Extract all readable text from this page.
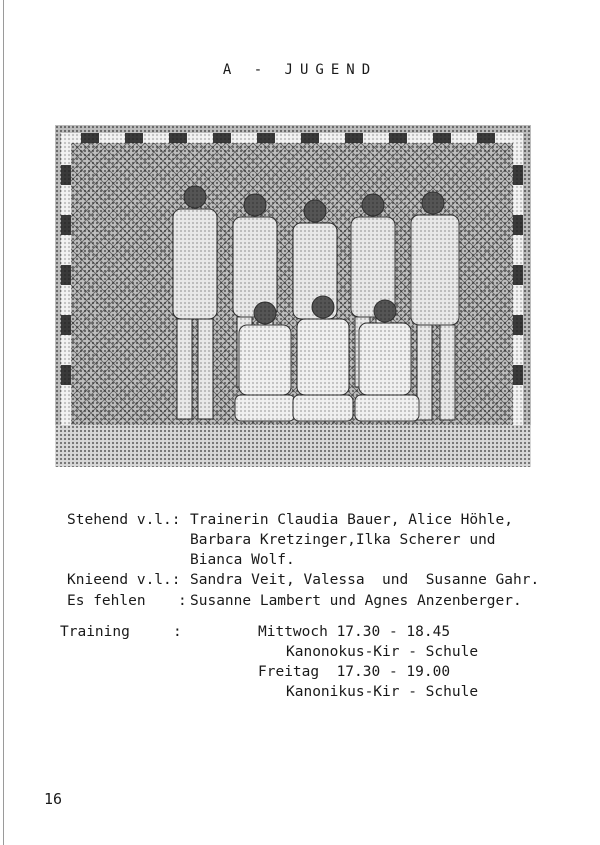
A - JUGEND
Stehend v.l.: Trainerin Claudia Bauer, Alice Höhle,
Barbara Kretzinger,Ilka Scherer und
Bianca Wolf.
Knieend v.l.: Sandra Veit, Valessa  und  Susanne Gahr.
Es fehlen : Susanne Lambert und Agnes Anzenberger.
Training	:	Mittwoch 17.30 - 18.45
Kanonokus-Kir - Schule
Freitag  17.30 - 19.00
Kanonikus-Kir - Schule
16
